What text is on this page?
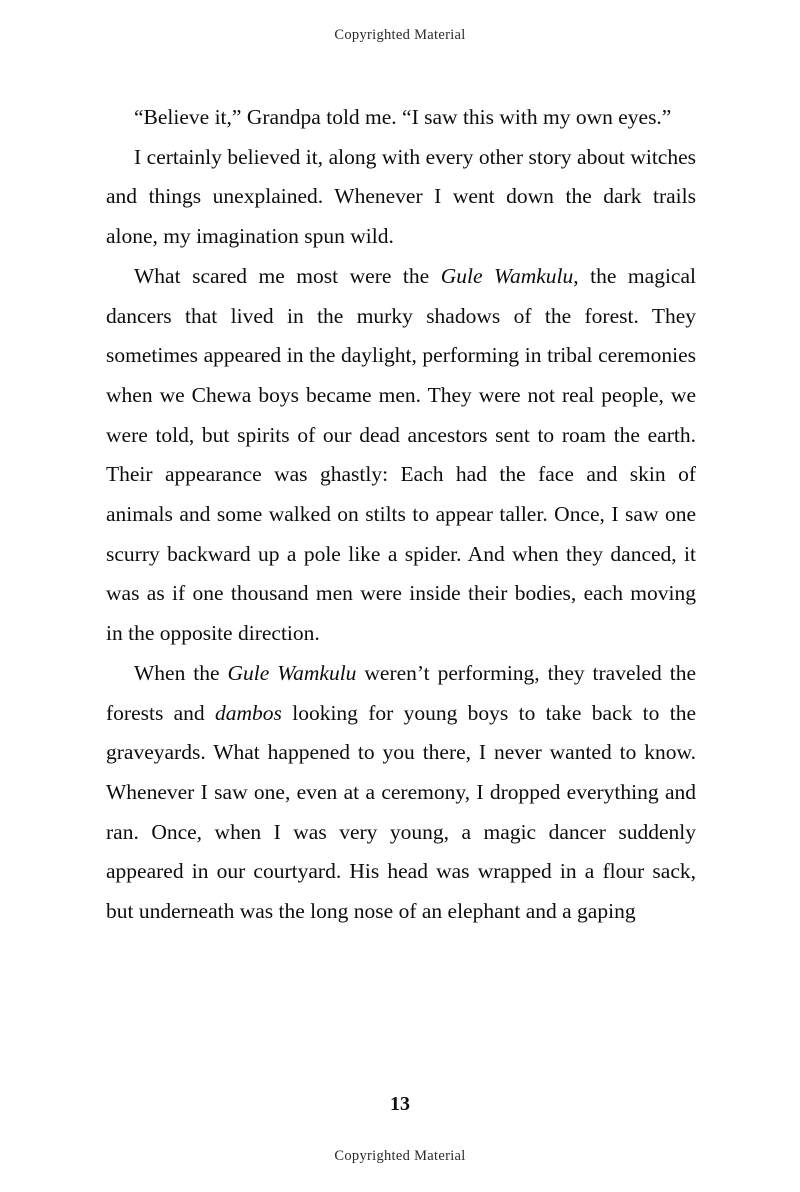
Copyrighted Material

“Believe it,” Grandpa told me. “I saw this with my own eyes.”

I certainly believed it, along with every other story about witches and things unexplained. Whenever I went down the dark trails alone, my imagination spun wild.

What scared me most were the Gule Wamkulu, the magical dancers that lived in the murky shadows of the forest. They sometimes appeared in the daylight, performing in tribal ceremonies when we Chewa boys became men. They were not real people, we were told, but spirits of our dead ancestors sent to roam the earth. Their appearance was ghastly: Each had the face and skin of animals and some walked on stilts to appear taller. Once, I saw one scurry backward up a pole like a spider. And when they danced, it was as if one thousand men were inside their bodies, each moving in the opposite direction.

When the Gule Wamkulu weren’t performing, they traveled the forests and dambos looking for young boys to take back to the graveyards. What happened to you there, I never wanted to know. Whenever I saw one, even at a ceremony, I dropped everything and ran. Once, when I was very young, a magic dancer suddenly appeared in our courtyard. His head was wrapped in a flour sack, but underneath was the long nose of an elephant and a gaping

13
Copyrighted Material
